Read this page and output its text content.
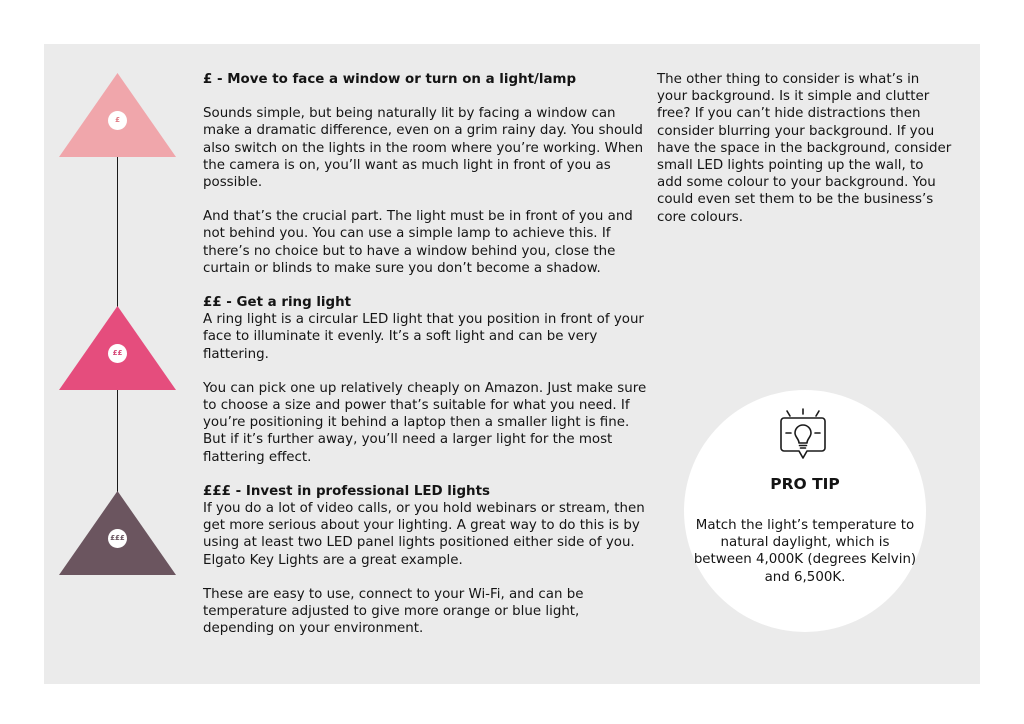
£
££
£££

£ - Move to face a window or turn on a light/lamp

Sounds simple, but being naturally lit by facing a window can make a dramatic difference, even on a grim rainy day. You should also switch on the lights in the room where you’re working. When the camera is on, you’ll want as much light in front of you as possible.

And that’s the crucial part. The light must be in front of you and not behind you. You can use a simple lamp to achieve this. If there’s no choice but to have a window behind you, close the curtain or blinds to make sure you don’t become a shadow.

££ - Get a ring light

A ring light is a circular LED light that you position in front of your face to illuminate it evenly. It’s a soft light and can be very flattering.

You can pick one up relatively cheaply on Amazon. Just make sure to choose a size and power that’s suitable for what you need. If you’re positioning it behind a laptop then a smaller light is fine. But if it’s further away, you’ll need a larger light for the most flattering effect.

£££ - Invest in professional LED lights

If you do a lot of video calls, or you hold webinars or stream, then get more serious about your lighting. A great way to do this is by using at least two LED panel lights positioned either side of you. Elgato Key Lights are a great example.

These are easy to use, connect to your Wi-Fi, and can be temperature adjusted to give more orange or blue light, depending on your environment.

The other thing to consider is what’s in your background. Is it simple and clutter free? If you can’t hide distractions then consider blurring your background. If you have the space in the background, consider small LED lights pointing up the wall, to add some colour to your background. You could even set them to be the business’s core colours.

PRO TIP
Match the light’s temperature to natural daylight, which is between 4,000K (degrees Kelvin) and 6,500K.
